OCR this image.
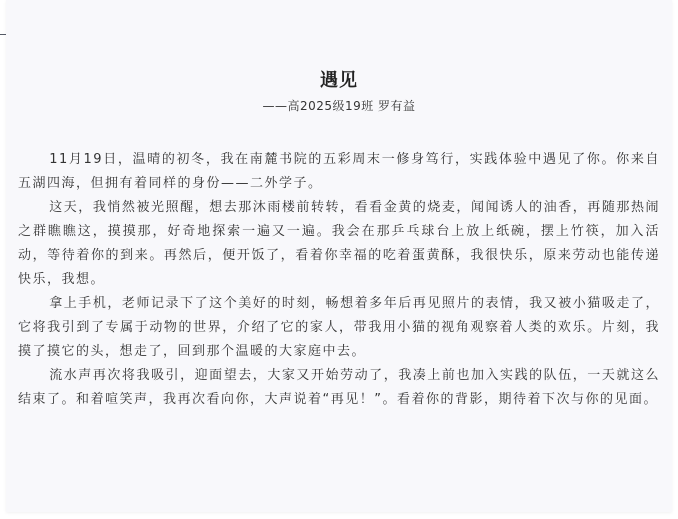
遇见
——高2025级19班 罗有益

11月19日，温晴的初冬，我在南麓书院的五彩周末一修身笃行，实践体验中遇见了你。你来自五湖四海，但拥有着同样的身份——二外学子。

这天，我悄然被光照醒，想去那沐雨楼前转转，看看金黄的烧麦，闻闻诱人的油香，再随那热闹之群瞧瞧这，摸摸那，好奇地探索一遍又一遍。我会在那乒乓球台上放上纸碗，摆上竹筷，加入活动，等待着你的到来。再然后，便开饭了，看着你幸福的吃着蛋黄酥，我很快乐，原来劳动也能传递快乐，我想。

拿上手机，老师记录下了这个美好的时刻，畅想着多年后再见照片的表情，我又被小猫吸走了，它将我引到了专属于动物的世界，介绍了它的家人，带我用小猫的视角观察着人类的欢乐。片刻，我摸了摸它的头，想走了，回到那个温暖的大家庭中去。

流水声再次将我吸引，迎面望去，大家又开始劳动了，我凑上前也加入实践的队伍，一天就这么结束了。和着喧笑声，我再次看向你，大声说着“再见！”。看着你的背影，期待着下次与你的见面。
